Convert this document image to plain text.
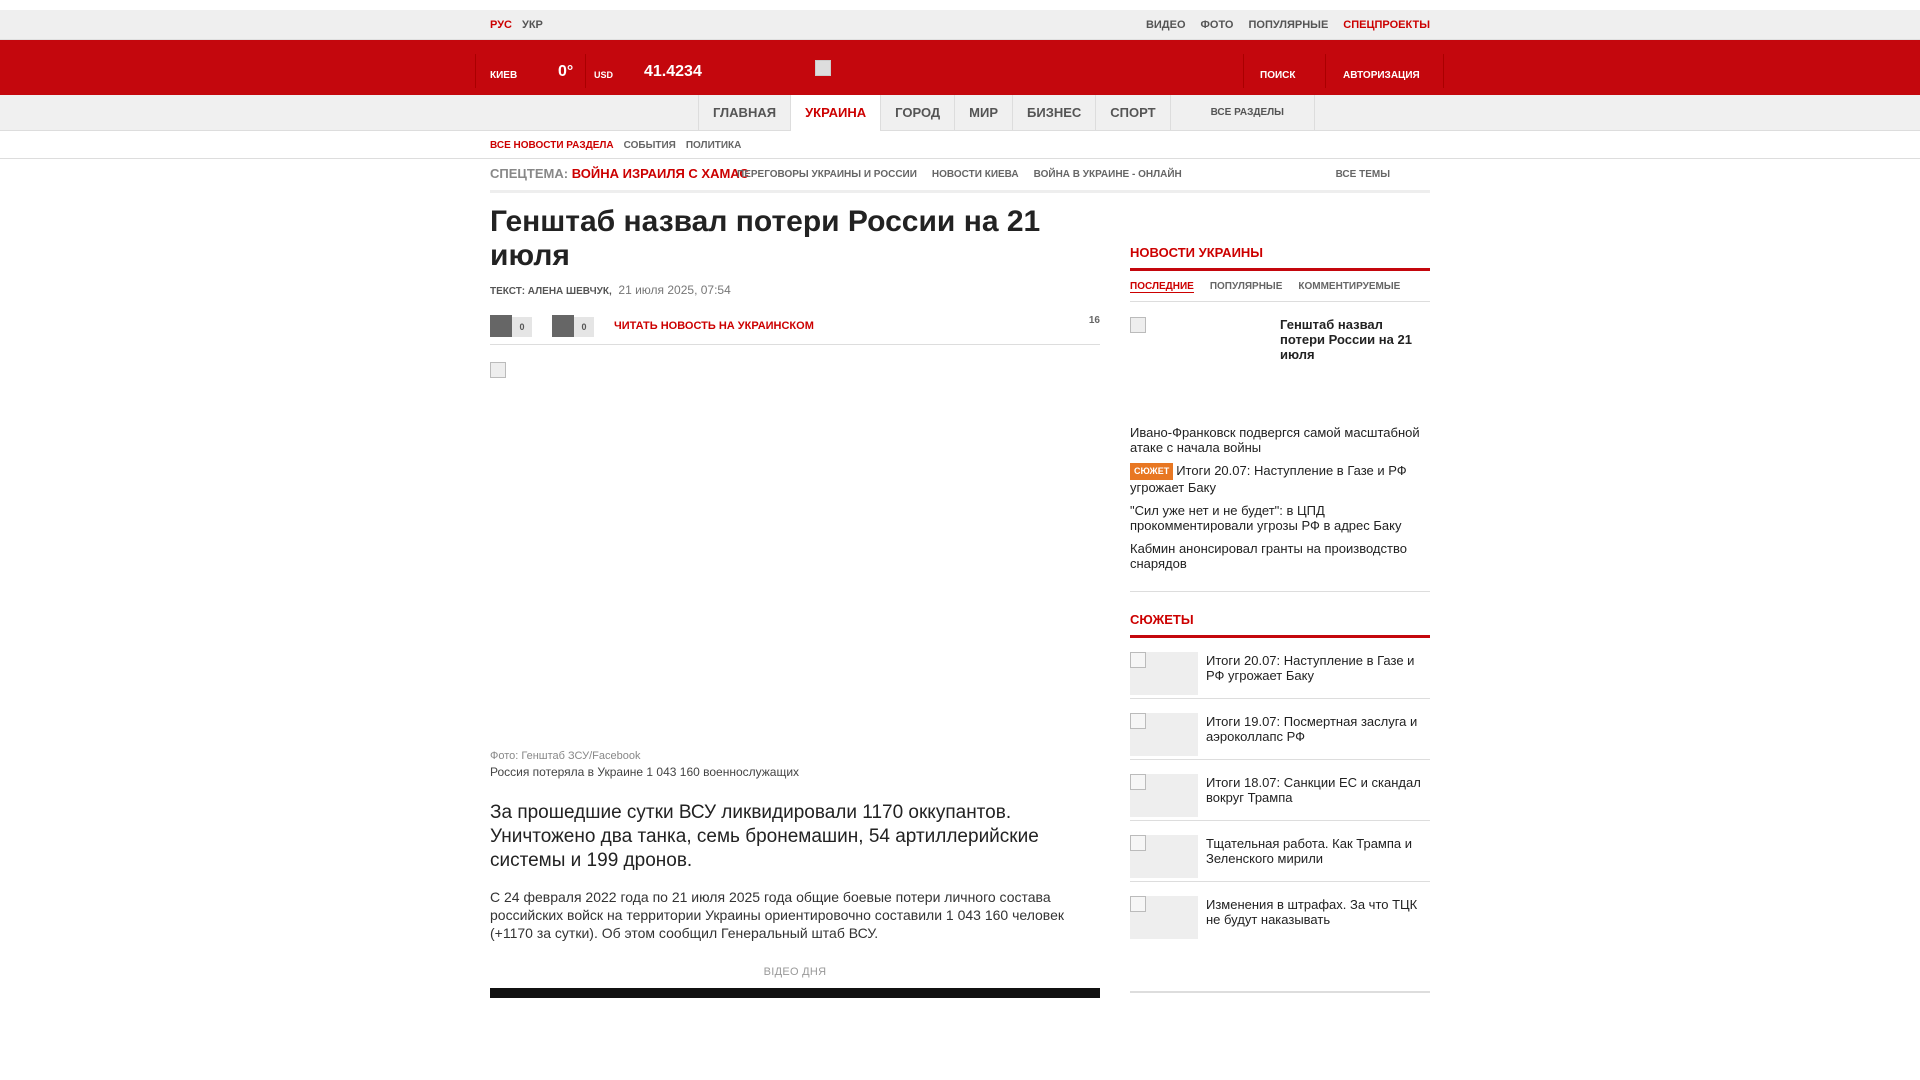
РУС УКР	ВИДЕО ФОТО ПОПУЛЯРНЫЕ СПЕЦПРОЕКТЫ
КИЕВ	0° USD 41.4234	ПОИСК	АВТОРИЗАЦИЯ
ГЛАВНАЯ	УКРАИНА	ГОРОД	МИР	БИЗНЕС	СПОРТ	ВСЕ РАЗДЕЛЫ
ВСЕ НОВОСТИ РАЗДЕЛА СОБЫТИЯ ПОЛИТИКА
СПЕЦТЕМА: ВОЙНА ИЗРАИЛЯ С ХАМАС
ПЕРЕГОВОРЫ УКРАИНЫ И РОССИИ НОВОСТИ КИЕВА ВОЙНА В УКРАИНЕ - ОНЛАЙН	ВСЕ ТЕМЫ
Генштаб назвал потери России на 21 июля
ТЕКСТ: АЛЕНА ШЕВЧУК, 21 июля 2025, 07:54
0	0	ЧИТАТЬ НОВОСТЬ НА УКРАИНСКОМ	16
Фото: Генштаб ЗСУ/Facebook
Россия потеряла в Украине 1 043 160 военнослужащих

За прошедшие сутки ВСУ ликвидировали 1170 оккупантов. Уничтожено два танка, семь бронемашин, 54 артиллерийские системы и 199 дронов.

С 24 февраля 2022 года по 21 июля 2025 года общие боевые потери личного состава российских войск на территории Украины ориентировочно составили 1 043 160 человек (+1170 за сутки). Об этом сообщил Генеральный штаб ВСУ.

ВІДЕО ДНЯ
НОВОСТИ УКРАИНЫ
ПОСЛЕДНИЕ ПОПУЛЯРНЫЕ КОММЕНТИРУЕМЫЕ
Генштаб назвал потери России на 21 июля
Ивано-Франковск подвергся самой масштабной атаке с начала войны
СЮЖЕТ Итоги 20.07: Наступление в Газе и РФ угрожает Баку
"Сил уже нет и не будет": в ЦПД прокомментировали угрозы РФ в адрес Баку
Кабмин анонсировал гранты на производство снарядов
СЮЖЕТЫ
Итоги 20.07: Наступление в Газе и РФ угрожает Баку
Итоги 19.07: Посмертная заслуга и аэроколлапс РФ
Итоги 18.07: Санкции ЕС и скандал вокруг Трампа
Тщательная работа. Как Трампа и Зеленского мирили
Изменения в штрафах. За что ТЦК не будут наказывать
